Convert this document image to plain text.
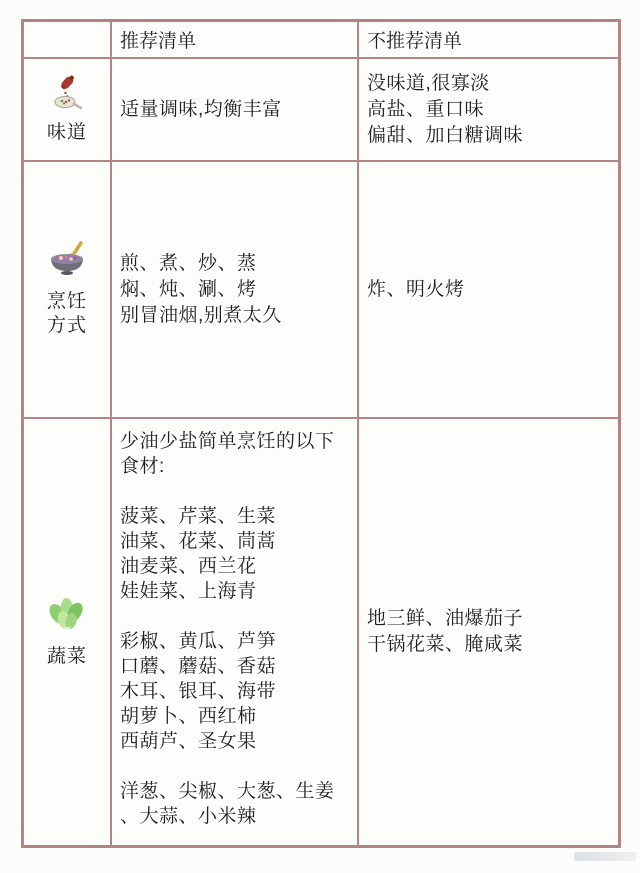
推荐清单	不推荐清单
味道
适量调味,均衡丰富
没味道,很寡淡
高盐、重口味
偏甜、加白糖调味
烹饪
方式
煎、煮、炒、蒸
焖、炖、涮、烤
别冒油烟,别煮太久
炸、明火烤
蔬菜
少油少盐简单烹饪的以下
食材:
菠菜、芹菜、生菜
油菜、花菜、茼蒿
油麦菜、西兰花
娃娃菜、上海青
彩椒、黄瓜、芦笋
口蘑、蘑菇、香菇
木耳、银耳、海带
胡萝卜、西红柿
西葫芦、圣女果
洋葱、尖椒、大葱、生姜
、大蒜、小米辣
地三鲜、油爆茄子
干锅花菜、腌咸菜
